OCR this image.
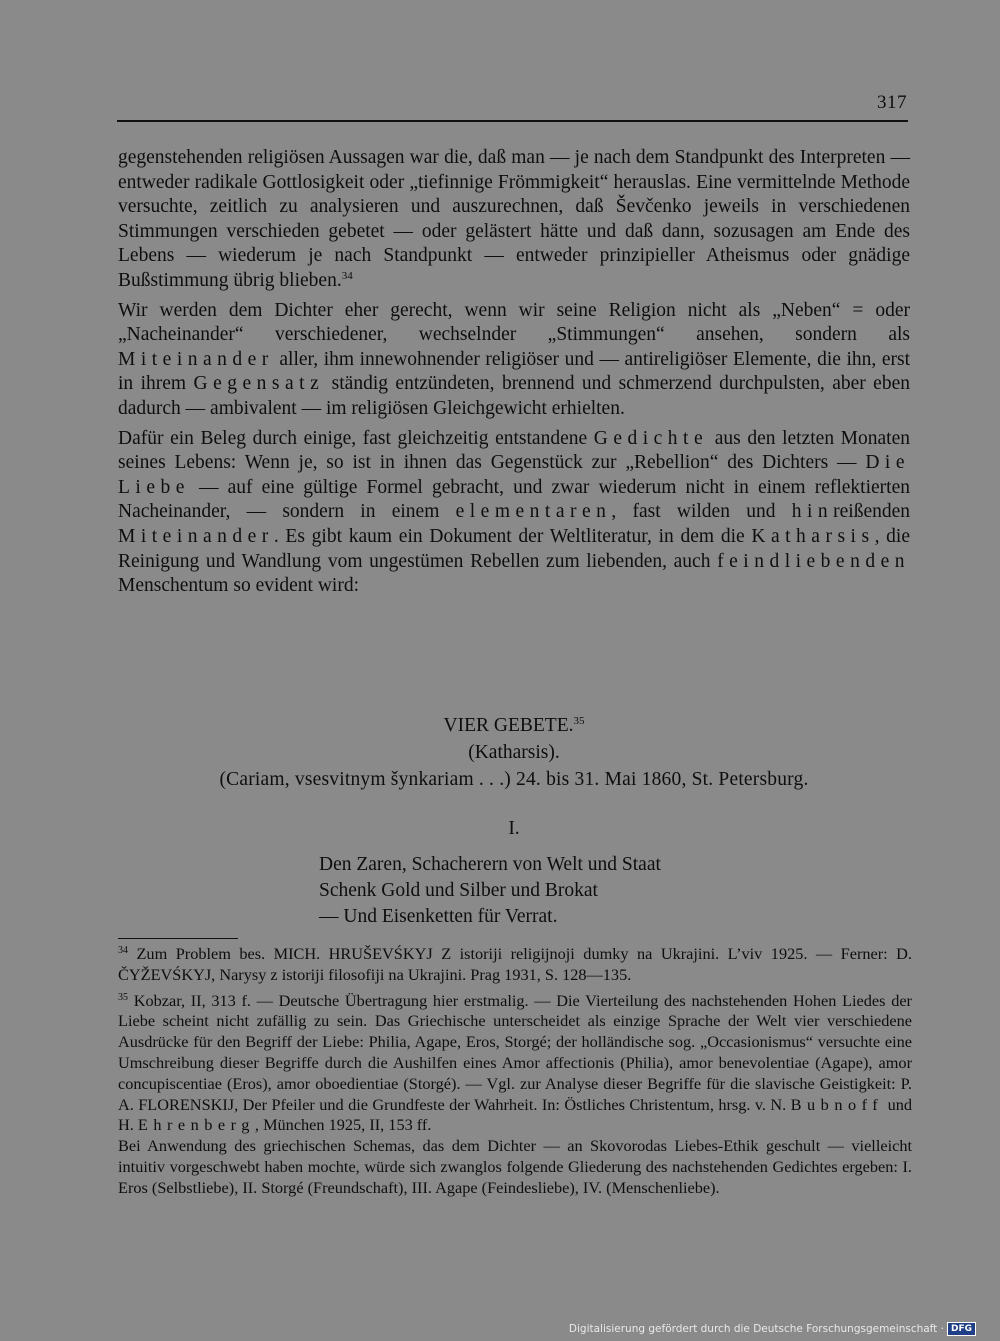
317

gegenstehenden religiösen Aussagen war die, daß man — je nach dem Standpunkt des Interpreten — entweder radikale Gottlosigkeit oder „tiefinnige Frömmigkeit“ herauslas. Eine vermittelnde Methode versuchte, zeitlich zu analysieren und auszurechnen, daß Ševčenko jeweils in verschiedenen Stimmungen verschieden gebetet — oder gelästert hätte und daß dann, sozusagen am Ende des Lebens — wiederum je nach Standpunkt — entweder prinzipieller Atheismus oder gnädige Bußstimmung übrig blieben.$^{34}$

Wir werden dem Dichter eher gerecht, wenn wir seine Religion nicht als „Neben“ = oder „Nacheinander“ verschiedener, wechselnder „Stimmungen“ ansehen, sondern als Miteinander aller, ihm innewohnender religiöser und — antireligiöser Elemente, die ihn, erst in ihrem Gegensatz ständig entzündeten, brennend und schmerzend durchpulsten, aber eben dadurch — ambivalent — im religiösen Gleichgewicht erhielten.

Dafür ein Beleg durch einige, fast gleichzeitig entstandene Gedichte aus den letzten Monaten seines Lebens: Wenn je, so ist in ihnen das Gegenstück zur „Rebellion“ des Dichters — Die Liebe — auf eine gültige Formel gebracht, und zwar wiederum nicht in einem reflektierten Nacheinander, — sondern in einem elementaren, fast wilden und hinreißenden Miteinander. Es gibt kaum ein Dokument der Weltliteratur, in dem die Katharsis, die Reinigung und Wandlung vom ungestümen Rebellen zum liebenden, auch feindliebenden Menschentum so evident wird:

VIER GEBETE.$^{35}$
(Katharsis).
(Cariam, vsesvitnym šynkariam . . .) 24. bis 31. Mai 1860, St. Petersburg.
I.
Den Zaren, Schacherern von Welt und Staat
Schenk Gold und Silber und Brokat
— Und Eisenketten für Verrat.

$^{34}$ Zum Problem bes. MICH. HRUŠEVŚKYJ Z istoriji religijnoji dumky na Ukrajini. L’viv 1925. — Ferner: D. ČYŽEVŚKYJ, Narysy z istoriji filosofiji na Ukrajini. Prag 1931, S. 128—135.

$^{35}$ Kobzar, II, 313 f. — Deutsche Übertragung hier erstmalig. — Die Vierteilung des nachstehenden Hohen Liedes der Liebe scheint nicht zufällig zu sein. Das Griechische unterscheidet als einzige Sprache der Welt vier verschiedene Ausdrücke für den Begriff der Liebe: Philia, Agape, Eros, Storgé; der holländische sog. „Occasionismus“ versuchte eine Umschreibung dieser Begriffe durch die Aushilfen eines Amor affectionis (Philia), amor benevolentiae (Agape), amor concupiscentiae (Eros), amor oboedientiae (Storgé). — Vgl. zur Analyse dieser Begriffe für die slavische Geistigkeit: P. A. FLORENSKIJ, Der Pfeiler und die Grundfeste der Wahrheit. In: Östliches Christentum, hrsg. v. N. Bubnoff und H. Ehrenberg, München 1925, II, 153 ff.

Bei Anwendung des griechischen Schemas, das dem Dichter — an Skovorodas Liebes-Ethik geschult — vielleicht intuitiv vorgeschwebt haben mochte, würde sich zwanglos folgende Gliederung des nachstehenden Gedichtes ergeben: I. Eros (Selbstliebe), II. Storgé (Freundschaft), III. Agape (Feindesliebe), IV. (Menschenliebe).

Digitalisierung gefördert durch die Deutsche Forschungsgemeinschaft · DFG
